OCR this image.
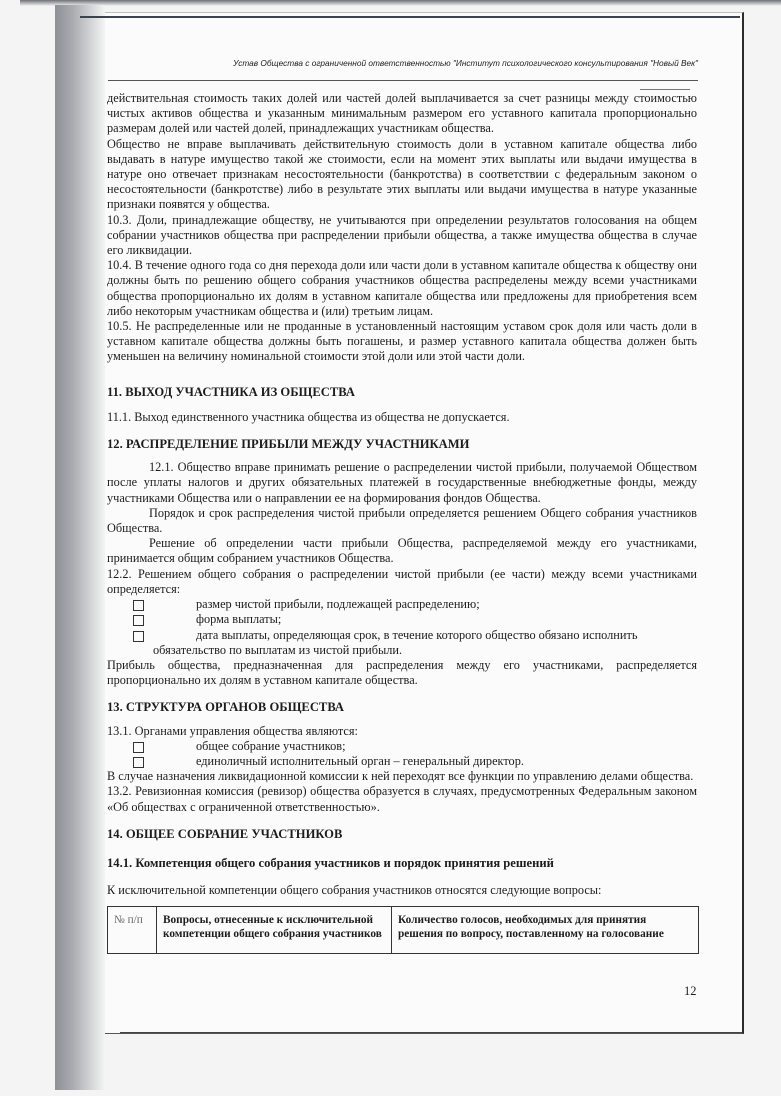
Устав Общества с ограниченной ответственностью "Институт психологического консультирования "Новый Век"

действительная стоимость таких долей или частей долей выплачивается за счет разницы между стоимостью чистых активов общества и указанным минимальным размером его уставного капитала пропорционально размерам долей или частей долей, принадлежащих участникам общества.

Общество не вправе выплачивать действительную стоимость доли в уставном капитале общества либо выдавать в натуре имущество такой же стоимости, если на момент этих выплаты или выдачи имущества в натуре оно отвечает признакам несостоятельности (банкротства) в соответствии с федеральным законом о несостоятельности (банкротстве) либо в результате этих выплаты или выдачи имущества в натуре указанные признаки появятся у общества.

10.3. Доли, принадлежащие обществу, не учитываются при определении результатов голосования на общем собрании участников общества при распределении прибыли общества, а также имущества общества в случае его ликвидации.

10.4. В течение одного года со дня перехода доли или части доли в уставном капитале общества к обществу они должны быть по решению общего собрания участников общества распределены между всеми участниками общества пропорционально их долям в уставном капитале общества или предложены для приобретения всем либо некоторым участникам общества и (или) третьим лицам.

10.5. Не распределенные или не проданные в установленный настоящим уставом срок доля или часть доли в уставном капитале общества должны быть погашены, и размер уставного капитала общества должен быть уменьшен на величину номинальной стоимости этой доли или этой части доли.

11. ВЫХОД УЧАСТНИКА ИЗ ОБЩЕСТВА

11.1. Выход единственного участника общества из общества не допускается.

12. РАСПРЕДЕЛЕНИЕ ПРИБЫЛИ МЕЖДУ УЧАСТНИКАМИ

12.1. Общество вправе принимать решение о распределении чистой прибыли, получаемой Обществом после уплаты налогов и других обязательных платежей в государственные внебюджетные фонды, между участниками Общества или о направлении ее на формирования фондов Общества.

Порядок и срок распределения чистой прибыли определяется решением Общего собрания участников Общества.

Решение об определении части прибыли Общества, распределяемой между его участниками, принимается общим собранием участников Общества.

12.2. Решением общего собрания о распределении чистой прибыли (ее части) между всеми участниками определяется:

размер чистой прибыли, подлежащей распределению;
форма выплаты;
дата выплаты, определяющая срок, в течение которого общество обязано исполнить

обязательство по выплатам из чистой прибыли.

Прибыль общества, предназначенная для распределения между его участниками, распределяется пропорционально их долям в уставном капитале общества.

13. СТРУКТУРА ОРГАНОВ ОБЩЕСТВА

13.1. Органами управления общества являются:

общее собрание участников;
единоличный исполнительный орган – генеральный директор.

В случае назначения ликвидационной комиссии к ней переходят все функции по управлению делами общества.

13.2. Ревизионная комиссия (ревизор) общества образуется в случаях, предусмотренных Федеральным законом «Об обществах с ограниченной ответственностью».

14. ОБЩЕЕ СОБРАНИЕ УЧАСТНИКОВ

14.1. Компетенция общего собрания участников и порядок принятия решений

К исключительной компетенции общего собрания участников относятся следующие вопросы:

№ п/п	Вопросы, отнесенные к исключительной компетенции общего собрания участников	Количество голосов, необходимых для принятия решения по вопросу, поставленному на голосование
12
